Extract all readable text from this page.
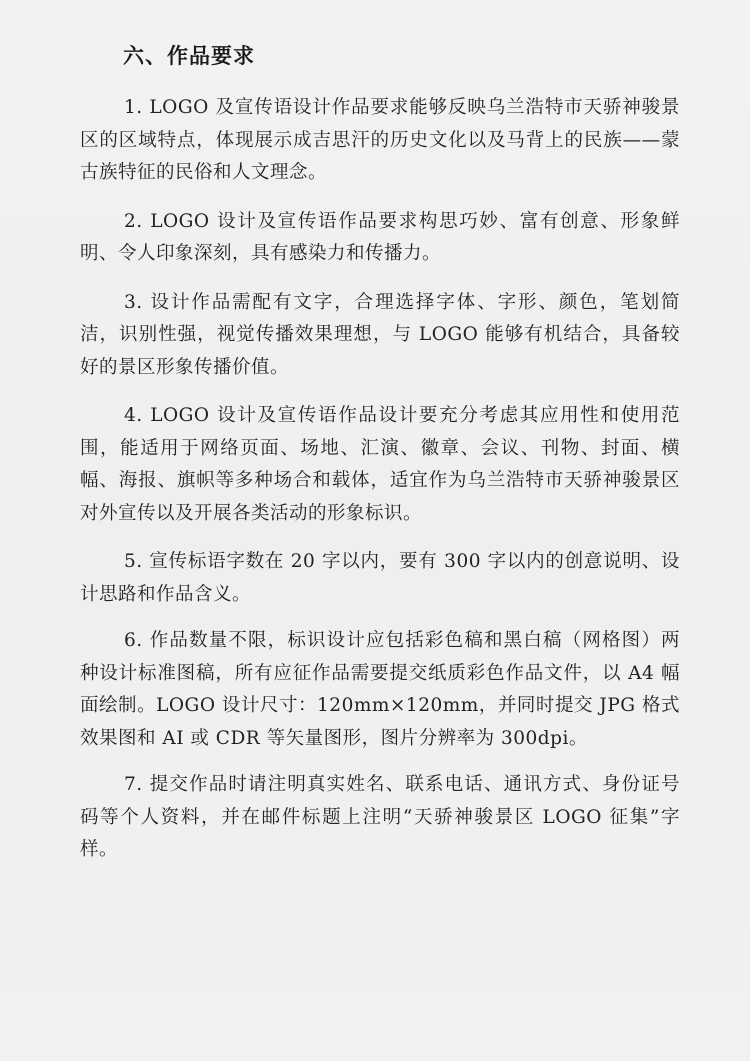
六、作品要求

1. LOGO 及宣传语设计作品要求能够反映乌兰浩特市天骄神骏景区的区域特点，体现展示成吉思汗的历史文化以及马背上的民族——蒙古族特征的民俗和人文理念。

2. LOGO 设计及宣传语作品要求构思巧妙、富有创意、形象鲜明、令人印象深刻，具有感染力和传播力。

3. 设计作品需配有文字，合理选择字体、字形、颜色，笔划简洁，识别性强，视觉传播效果理想，与 LOGO 能够有机结合，具备较好的景区形象传播价值。

4. LOGO 设计及宣传语作品设计要充分考虑其应用性和使用范围，能适用于网络页面、场地、汇演、徽章、会议、刊物、封面、横幅、海报、旗帜等多种场合和载体，适宜作为乌兰浩特市天骄神骏景区对外宣传以及开展各类活动的形象标识。

5. 宣传标语字数在 20 字以内，要有 300 字以内的创意说明、设计思路和作品含义。

6. 作品数量不限，标识设计应包括彩色稿和黑白稿（网格图）两种设计标准图稿，所有应征作品需要提交纸质彩色作品文件，以 A4 幅面绘制。LOGO 设计尺寸：120mm×120mm，并同时提交 JPG 格式效果图和 AI 或 CDR 等矢量图形，图片分辨率为 300dpi。

7. 提交作品时请注明真实姓名、联系电话、通讯方式、身份证号码等个人资料，并在邮件标题上注明“天骄神骏景区 LOGO 征集”字样。
